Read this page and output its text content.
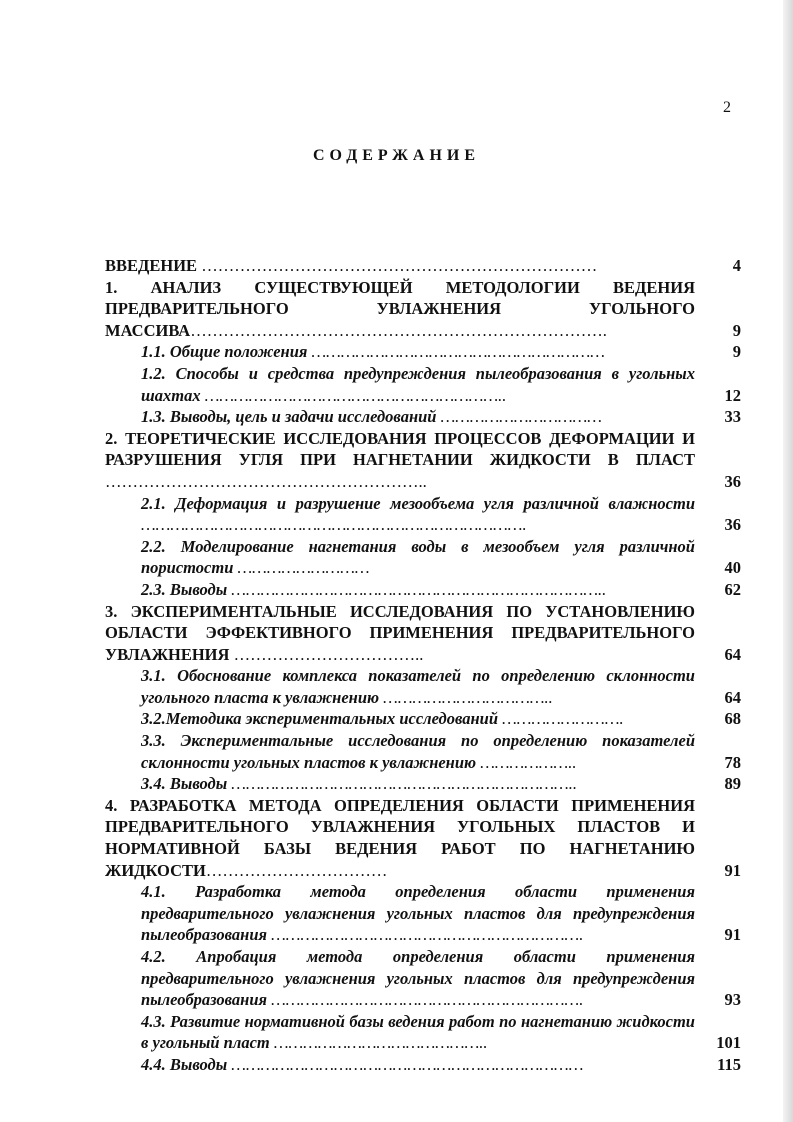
2
СОДЕРЖАНИЕ
ВВЕДЕНИЕ ………………………………………………………………	4
1. АНАЛИЗ СУЩЕСТВУЮЩЕЙ МЕТОДОЛОГИИ ВЕДЕНИЯ ПРЕДВАРИТЕЛЬНОГО УВЛАЖНЕНИЯ УГОЛЬНОГО МАССИВА………………………………………………………………….	9
1.1. Общие положения ……………………………………………………	9
1.2. Способы и средства предупреждения пылеобразования в угольных шахтах ……………………………………………………..	12
1.3. Выводы, цель и задачи исследований ……………………………	33
2. ТЕОРЕТИЧЕСКИЕ ИССЛЕДОВАНИЯ ПРОЦЕССОВ ДЕФОРМАЦИИ И РАЗРУШЕНИЯ УГЛЯ ПРИ НАГНЕТАНИИ ЖИДКОСТИ В ПЛАСТ …………………………………………………..	36
2.1. Деформация и разрушение мезообъема угля различной влажности …………………………………………………………………….	36
2.2. Моделирование нагнетания воды в мезообъем угля различной пористости ………………………	40
2.3. Выводы …………………………………………………………………..	62
3. ЭКСПЕРИМЕНТАЛЬНЫЕ ИССЛЕДОВАНИЯ ПО УСТАНОВЛЕНИЮ ОБЛАСТИ ЭФФЕКТИВНОГО ПРИМЕНЕНИЯ ПРЕДВАРИТЕЛЬНОГО УВЛАЖНЕНИЯ ……………………………..	64
3.1. Обоснование комплекса показателей по определению склонности угольного пласта к увлажнению ……………………………..	64
3.2.Методика экспериментальных исследований …………………….	68
3.3. Экспериментальные исследования по определению показателей склонности угольных пластов к увлажнению ………………..	78
3.4. Выводы ……………………………………………………………..	89
4. РАЗРАБОТКА МЕТОДА ОПРЕДЕЛЕНИЯ ОБЛАСТИ ПРИМЕНЕНИЯ ПРЕДВАРИТЕЛЬНОГО УВЛАЖНЕНИЯ УГОЛЬНЫХ ПЛАСТОВ И НОРМАТИВНОЙ БАЗЫ ВЕДЕНИЯ РАБОТ ПО НАГНЕТАНИЮ ЖИДКОСТИ……………………………	91
4.1. Разработка метода определения области применения предварительного увлажнения угольных пластов для предупреждения пылеобразования ……………………………………………………….	91
4.2. Апробация метода определения области применения предварительного увлажнения угольных пластов для предупреждения пылеобразования ……………………………………………………….	93
4.3. Развитие нормативной базы ведения работ по нагнетанию жидкости в угольный пласт ……………………………………..	101
4.4. Выводы ………………………………………………………………	115
